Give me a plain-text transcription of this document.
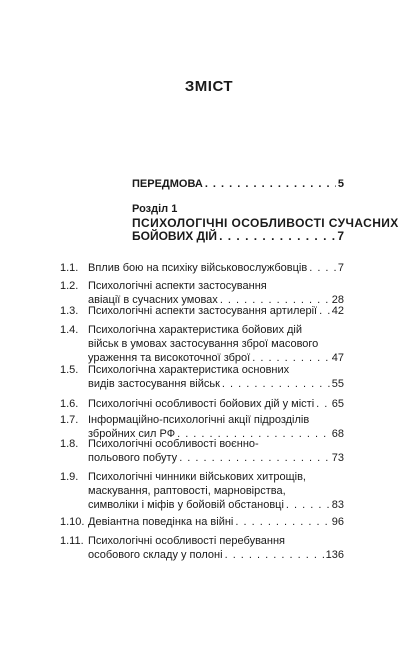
ЗМІСТ
ПЕРЕДМОВА . . .	5
Розділ 1
ПСИХОЛОГІЧНІ ОСОБЛИВОСТІ СУЧАСНИХ
БОЙОВИХ ДІЙ . . .	7
1.1. Вплив бою на психіку військовослужбовців . . .	7
1.2. Психологічні аспекти застосування
авіації в сучасних умовах . . .	28
1.3. Психологічні аспекти застосування артилерії . . . 42
1.4. Психологічна характеристика бойових дій
військ в умовах застосування зброї масового
ураження та високоточної зброї . . .	47
1.5. Психологічна характеристика основних
видів застосування військ . . .	55
1.6. Психологічні особливості бойових дій у місті . . . 65
1.7. Інформаційно-психологічні акції підрозділів
збройних сил РФ . . .	68
1.8. Психологічні особливості воєнно-
польового побуту . . .	73
1.9. Психологічні чинники військових хитрощів,
маскування, раптовості, марновірства,
символіки і міфів у бойовій обстановці . . .	83
1.10. Девіантна поведінка на війні . . .	96
1.11. Психологічні особливості перебування
особового складу у полоні . . .	136
